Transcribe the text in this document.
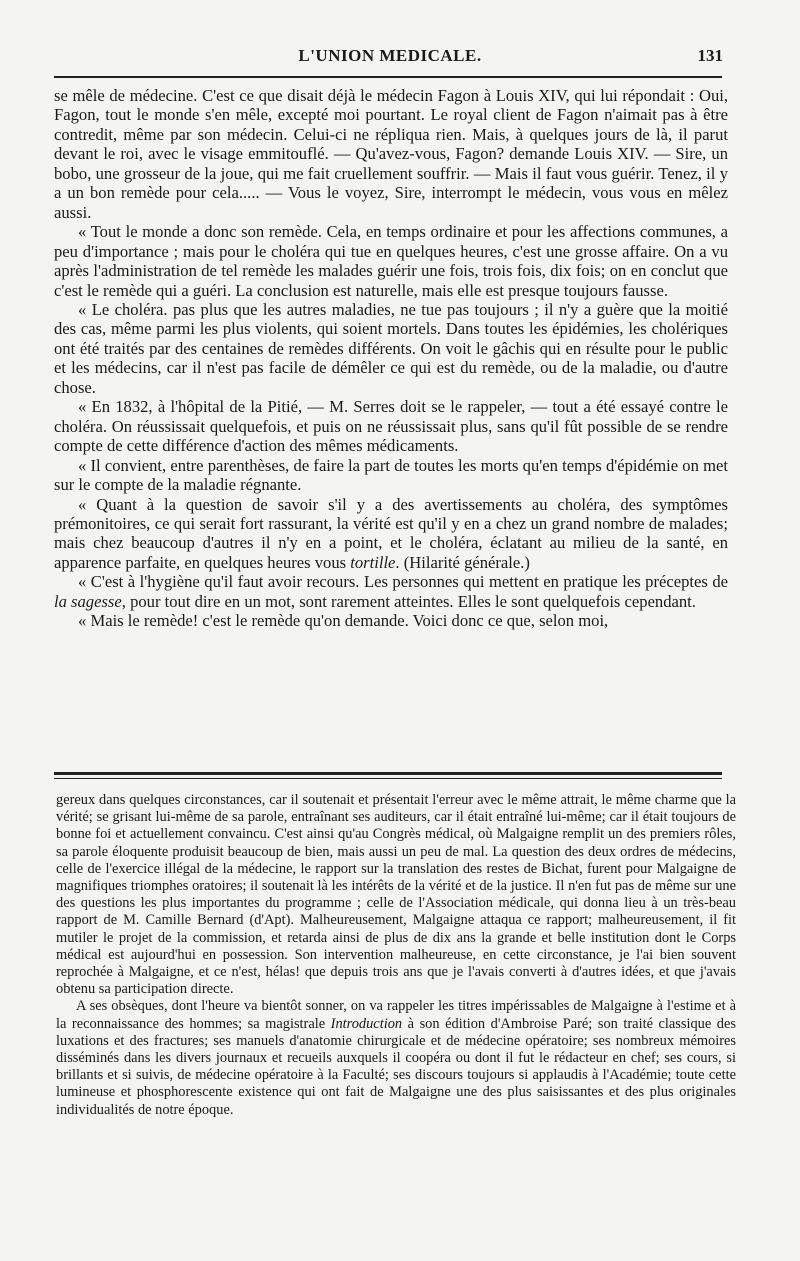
L'UNION MEDICALE.	131

se mêle de médecine. C'est ce que disait déjà le médecin Fagon à Louis XIV, qui lui répondait : Oui, Fagon, tout le monde s'en mêle, excepté moi pourtant. Le royal client de Fagon n'aimait pas à être contredit, même par son médecin. Celui-ci ne répliqua rien. Mais, à quelques jours de là, il parut devant le roi, avec le visage emmitouflé. — Qu'avez-vous, Fagon? demande Louis XIV. — Sire, un bobo, une grosseur de la joue, qui me fait cruellement souffrir. — Mais il faut vous guérir. Tenez, il y a un bon remède pour cela..... — Vous le voyez, Sire, interrompt le médecin, vous vous en mêlez aussi.

« Tout le monde a donc son remède. Cela, en temps ordinaire et pour les affections communes, a peu d'importance ; mais pour le choléra qui tue en quelques heures, c'est une grosse affaire. On a vu après l'administration de tel remède les malades guérir une fois, trois fois, dix fois; on en conclut que c'est le remède qui a guéri. La conclusion est naturelle, mais elle est presque toujours fausse.

« Le choléra. pas plus que les autres maladies, ne tue pas toujours ; il n'y a guère que la moitié des cas, même parmi les plus violents, qui soient mortels. Dans toutes les épidémies, les cholériques ont été traités par des centaines de remèdes différents. On voit le gâchis qui en résulte pour le public et les médecins, car il n'est pas facile de démêler ce qui est du remède, ou de la maladie, ou d'autre chose.

« En 1832, à l'hôpital de la Pitié, — M. Serres doit se le rappeler, — tout a été essayé contre le choléra. On réussissait quelquefois, et puis on ne réussissait plus, sans qu'il fût possible de se rendre compte de cette différence d'action des mêmes médicaments.

« Il convient, entre parenthèses, de faire la part de toutes les morts qu'en temps d'épidémie on met sur le compte de la maladie régnante.

« Quant à la question de savoir s'il y a des avertissements au choléra, des symptômes prémonitoires, ce qui serait fort rassurant, la vérité est qu'il y en a chez un grand nombre de malades; mais chez beaucoup d'autres il n'y en a point, et le choléra, éclatant au milieu de la santé, en apparence parfaite, en quelques heures vous tortille. (Hilarité générale.)

« C'est à l'hygiène qu'il faut avoir recours. Les personnes qui mettent en pratique les préceptes de la sagesse, pour tout dire en un mot, sont rarement atteintes. Elles le sont quelquefois cependant.

« Mais le remède! c'est le remède qu'on demande. Voici donc ce que, selon moi,

gereux dans quelques circonstances, car il soutenait et présentait l'erreur avec le même attrait, le même charme que la vérité; se grisant lui-même de sa parole, entraînant ses auditeurs, car il était entraîné lui-même; car il était toujours de bonne foi et actuellement convaincu. C'est ainsi qu'au Congrès médical, où Malgaigne remplit un des premiers rôles, sa parole éloquente produisit beaucoup de bien, mais aussi un peu de mal. La question des deux ordres de médecins, celle de l'exercice illégal de la médecine, le rapport sur la translation des restes de Bichat, furent pour Malgaigne de magnifiques triomphes oratoires; il soutenait là les intérêts de la vérité et de la justice. Il n'en fut pas de même sur une des questions les plus importantes du programme ; celle de l'Association médicale, qui donna lieu à un très-beau rapport de M. Camille Bernard (d'Apt). Malheureusement, Malgaigne attaqua ce rapport; malheureusement, il fit mutiler le projet de la commission, et retarda ainsi de plus de dix ans la grande et belle institution dont le Corps médical est aujourd'hui en possession. Son intervention malheureuse, en cette circonstance, je l'ai bien souvent reprochée à Malgaigne, et ce n'est, hélas! que depuis trois ans que je l'avais converti à d'autres idées, et que j'avais obtenu sa participation directe.

A ses obsèques, dont l'heure va bientôt sonner, on va rappeler les titres impérissables de Malgaigne à l'estime et à la reconnaissance des hommes; sa magistrale Introduction à son édition d'Ambroise Paré; son traité classique des luxations et des fractures; ses manuels d'anatomie chirurgicale et de médecine opératoire; ses nombreux mémoires disséminés dans les divers journaux et recueils auxquels il coopéra ou dont il fut le rédacteur en chef; ses cours, si brillants et si suivis, de médecine opératoire à la Faculté; ses discours toujours si applaudis à l'Académie; toute cette lumineuse et phosphorescente existence qui ont fait de Malgaigne une des plus saisissantes et des plus originales individualités de notre époque.
